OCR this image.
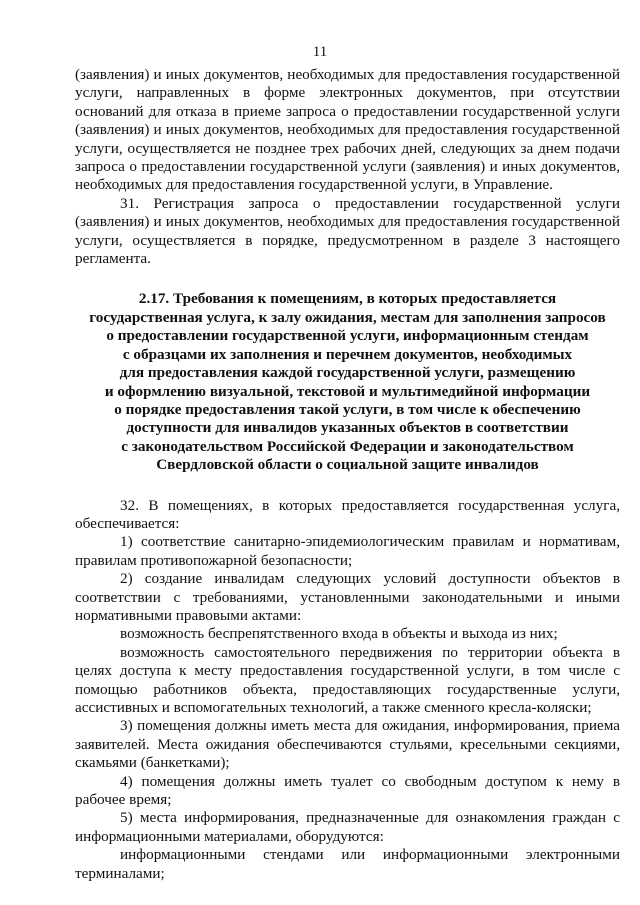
11

(заявления) и иных документов, необходимых для предоставления государственной услуги, направленных в форме электронных документов, при отсутствии оснований для отказа в приеме запроса о предоставлении государственной услуги (заявления) и иных документов, необходимых для предоставления государственной услуги, осуществляется не позднее трех рабочих дней, следующих за днем подачи запроса о предоставлении государственной услуги (заявления) и иных документов, необходимых для предоставления государственной услуги, в Управление.

31. Регистрация запроса о предоставлении государственной услуги (заявления) и иных документов, необходимых для предоставления государственной услуги, осуществляется в порядке, предусмотренном в разделе 3 настоящего регламента.

2.17. Требования к помещениям, в которых предоставляется
государственная услуга, к залу ожидания, местам для заполнения запросов
о предоставлении государственной услуги, информационным стендам
с образцами их заполнения и перечнем документов, необходимых
для предоставления каждой государственной услуги, размещению
и оформлению визуальной, текстовой и мультимедийной информации
о порядке предоставления такой услуги, в том числе к обеспечению
доступности для инвалидов указанных объектов в соответствии
с законодательством Российской Федерации и законодательством
Свердловской области о социальной защите инвалидов

32. В помещениях, в которых предоставляется государственная услуга, обеспечивается:

1) соответствие санитарно-эпидемиологическим правилам и нормативам, правилам противопожарной безопасности;

2) создание инвалидам следующих условий доступности объектов в соответствии с требованиями, установленными законодательными и иными нормативными правовыми актами:

возможность беспрепятственного входа в объекты и выхода из них;

возможность самостоятельного передвижения по территории объекта в целях доступа к месту предоставления государственной услуги, в том числе с помощью работников объекта, предоставляющих государственные услуги, ассистивных и вспомогательных технологий, а также сменного кресла-коляски;

3) помещения должны иметь места для ожидания, информирования, приема заявителей. Места ожидания обеспечиваются стульями, кресельными секциями, скамьями (банкетками);

4) помещения должны иметь туалет со свободным доступом к нему в рабочее время;

5) места информирования, предназначенные для ознакомления граждан с информационными материалами, оборудуются:

информационными стендами или информационными электронными терминалами;
